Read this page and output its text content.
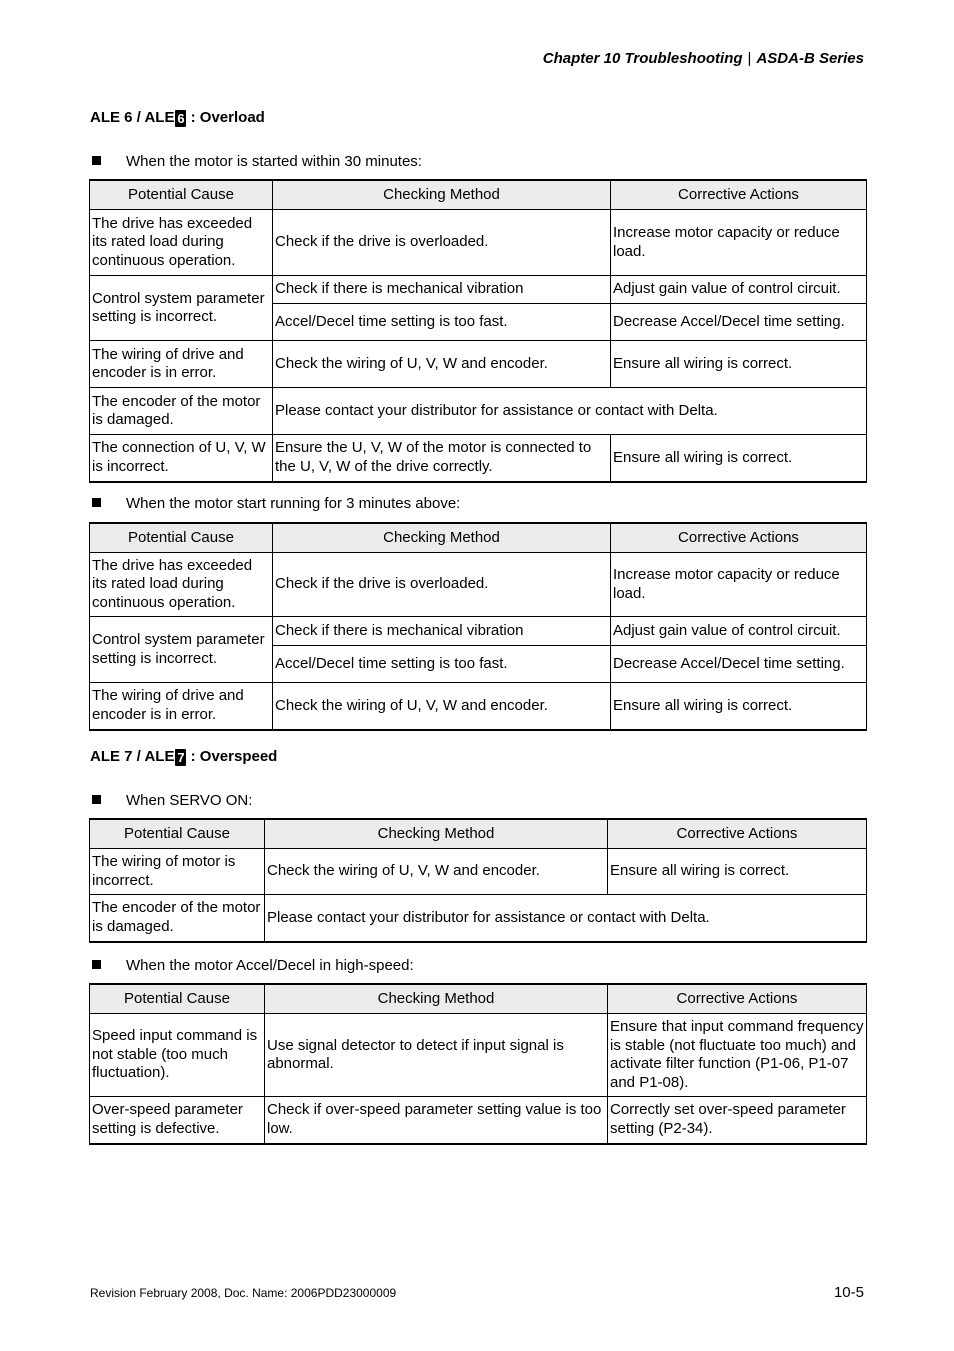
Chapter 10 Troubleshooting | ASDA-B Series
ALE 6 / ALE 6 : Overload
When the motor is started within 30 minutes:
Potential Cause	Checking Method	Corrective Actions
The drive has exceeded its rated load during continuous operation.	Check if the drive is overloaded.	Increase motor capacity or reduce load.
Control system parameter setting is incorrect.	Check if there is mechanical vibration	Adjust gain value of control circuit.
	Accel/Decel time setting is too fast.	Decrease Accel/Decel time setting.
The wiring of drive and encoder is in error.	Check the wiring of U, V, W and encoder.	Ensure all wiring is correct.
The encoder of the motor is damaged.	Please contact your distributor for assistance or contact with Delta.	
The connection of U, V, W is incorrect.	Ensure the U, V, W of the motor is connected to the U, V, W of the drive correctly.	Ensure all wiring is correct.
When the motor start running for 3 minutes above:
Potential Cause	Checking Method	Corrective Actions
The drive has exceeded its rated load during continuous operation.	Check if the drive is overloaded.	Increase motor capacity or reduce load.
Control system parameter setting is incorrect.	Check if there is mechanical vibration	Adjust gain value of control circuit.
	Accel/Decel time setting is too fast.	Decrease Accel/Decel time setting.
The wiring of drive and encoder is in error.	Check the wiring of U, V, W and encoder.	Ensure all wiring is correct.
ALE 7 / ALE 7 : Overspeed
When SERVO ON:
Potential Cause	Checking Method	Corrective Actions
The wiring of motor is incorrect.	Check the wiring of U, V, W and encoder.	Ensure all wiring is correct.
The encoder of the motor is damaged.	Please contact your distributor for assistance or contact with Delta.	
When the motor Accel/Decel in high-speed:
Potential Cause	Checking Method	Corrective Actions
Speed input command is not stable (too much fluctuation).	Use signal detector to detect if input signal is abnormal.	Ensure that input command frequency is stable (not fluctuate too much) and activate filter function (P1-06, P1-07 and P1-08).
Over-speed parameter setting is defective.	Check if over-speed parameter setting value is too low.	Correctly set over-speed parameter setting (P2-34).
Revision February 2008, Doc. Name: 2006PDD23000009	10-5
